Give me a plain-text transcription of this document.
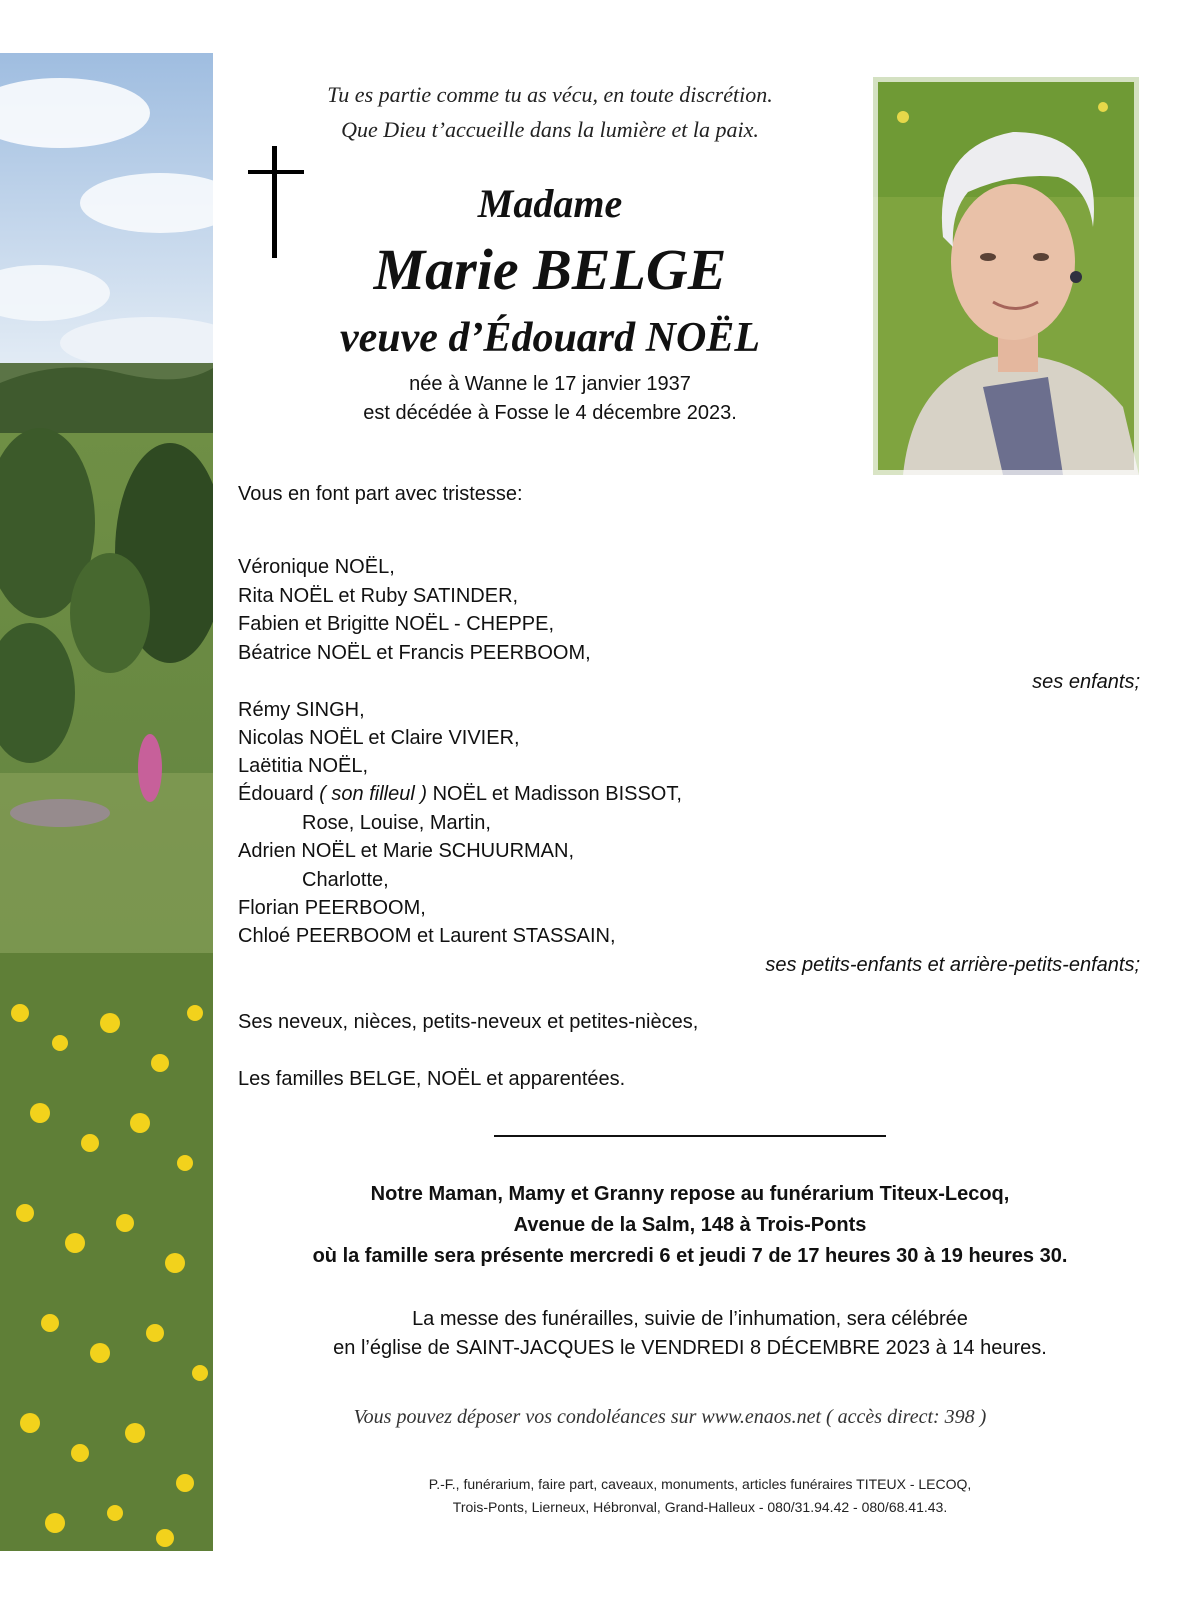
Tu es partie comme tu as vécu, en toute discrétion.
Que Dieu t’accueille dans la lumière et la paix.
Madame
Marie BELGE
veuve d’Édouard NOËL
née à Wanne le 17 janvier 1937
est décédée à Fosse le 4 décembre 2023.
Vous en font part avec tristesse:
Véronique NOËL,
Rita NOËL et Ruby SATINDER,
Fabien et Brigitte NOËL - CHEPPE,
Béatrice NOËL et Francis PEERBOOM,
ses enfants;
Rémy SINGH,
Nicolas NOËL et Claire VIVIER,
Laëtitia NOËL,
Édouard ( son filleul ) NOËL et Madisson BISSOT,
Rose, Louise, Martin,
Adrien NOËL et Marie SCHUURMAN,
Charlotte,
Florian PEERBOOM,
Chloé PEERBOOM et Laurent STASSAIN,
ses petits-enfants et arrière-petits-enfants;
Ses neveux, nièces, petits-neveux et petites-nièces,
Les familles BELGE, NOËL et apparentées.
Notre Maman, Mamy et Granny repose au funérarium Titeux-Lecoq,
Avenue de la Salm, 148 à Trois-Ponts
où la famille sera présente mercredi 6 et jeudi 7 de 17 heures 30 à 19 heures 30.
La messe des funérailles, suivie de l’inhumation, sera célébrée
en l’église de SAINT-JACQUES le VENDREDI 8 DÉCEMBRE 2023 à 14 heures.
Vous pouvez déposer vos condoléances sur www.enaos.net ( accès direct: 398 )
P.-F., funérarium, faire part, caveaux, monuments, articles funéraires TITEUX - LECOQ,
Trois-Ponts, Lierneux, Hébronval, Grand-Halleux - 080/31.94.42 - 080/68.41.43.
